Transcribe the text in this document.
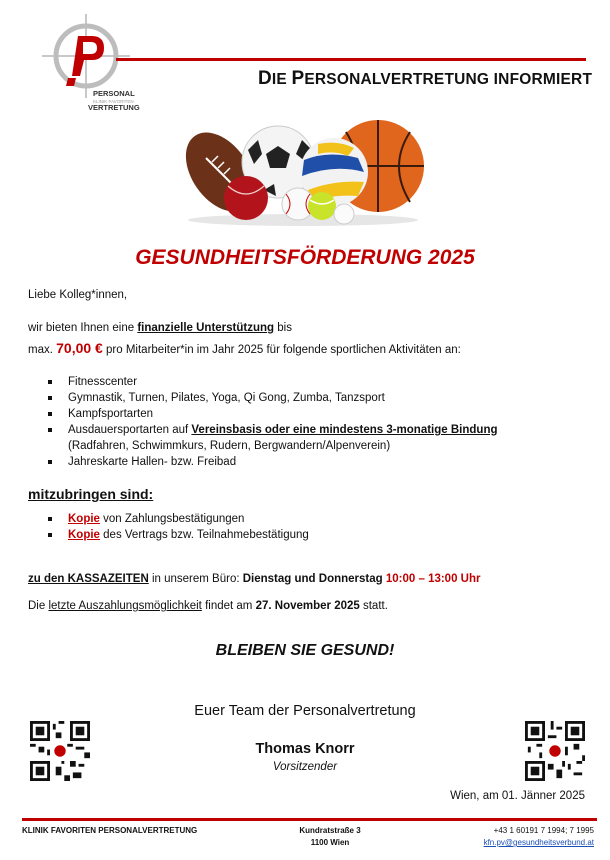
PERSONAL
KLINIK FAVORITEN
VERTRETUNG
DIE PERSONALVERTRETUNG INFORMIERT
GESUNDHEITSFÖRDERUNG 2025
Liebe Kolleg*innen,
wir bieten Ihnen eine finanzielle Unterstützung bis
max. 70,00 € pro Mitarbeiter*in im Jahr 2025 für folgende sportlichen Aktivitäten an:
Fitnesscenter
Gymnastik, Turnen, Pilates, Yoga, Qi Gong, Zumba, Tanzsport
Kampfsportarten
Ausdauersportarten auf Vereinsbasis oder eine mindestens 3-monatige Bindung
(Radfahren, Schwimmkurs, Rudern, Bergwandern/Alpenverein)
Jahreskarte Hallen- bzw. Freibad
mitzubringen sind:
Kopie von Zahlungsbestätigungen
Kopie des Vertrags bzw. Teilnahmebestätigung
zu den KASSAZEITEN in unserem Büro: Dienstag und Donnerstag 10:00 – 13:00 Uhr
Die letzte Auszahlungsmöglichkeit findet am 27. November 2025 statt.
BLEIBEN SIE GESUND!
Euer Team der Personalvertretung
Thomas Knorr
Vorsitzender
Wien, am 01. Jänner 2025
KLINIK FAVORITEN PERSONALVERTRETUNG	Kundratstraße 3
1100 Wien
+43 1 60191 7 1994; 7 1995
kfn.pv@gesundheitsverbund.at
